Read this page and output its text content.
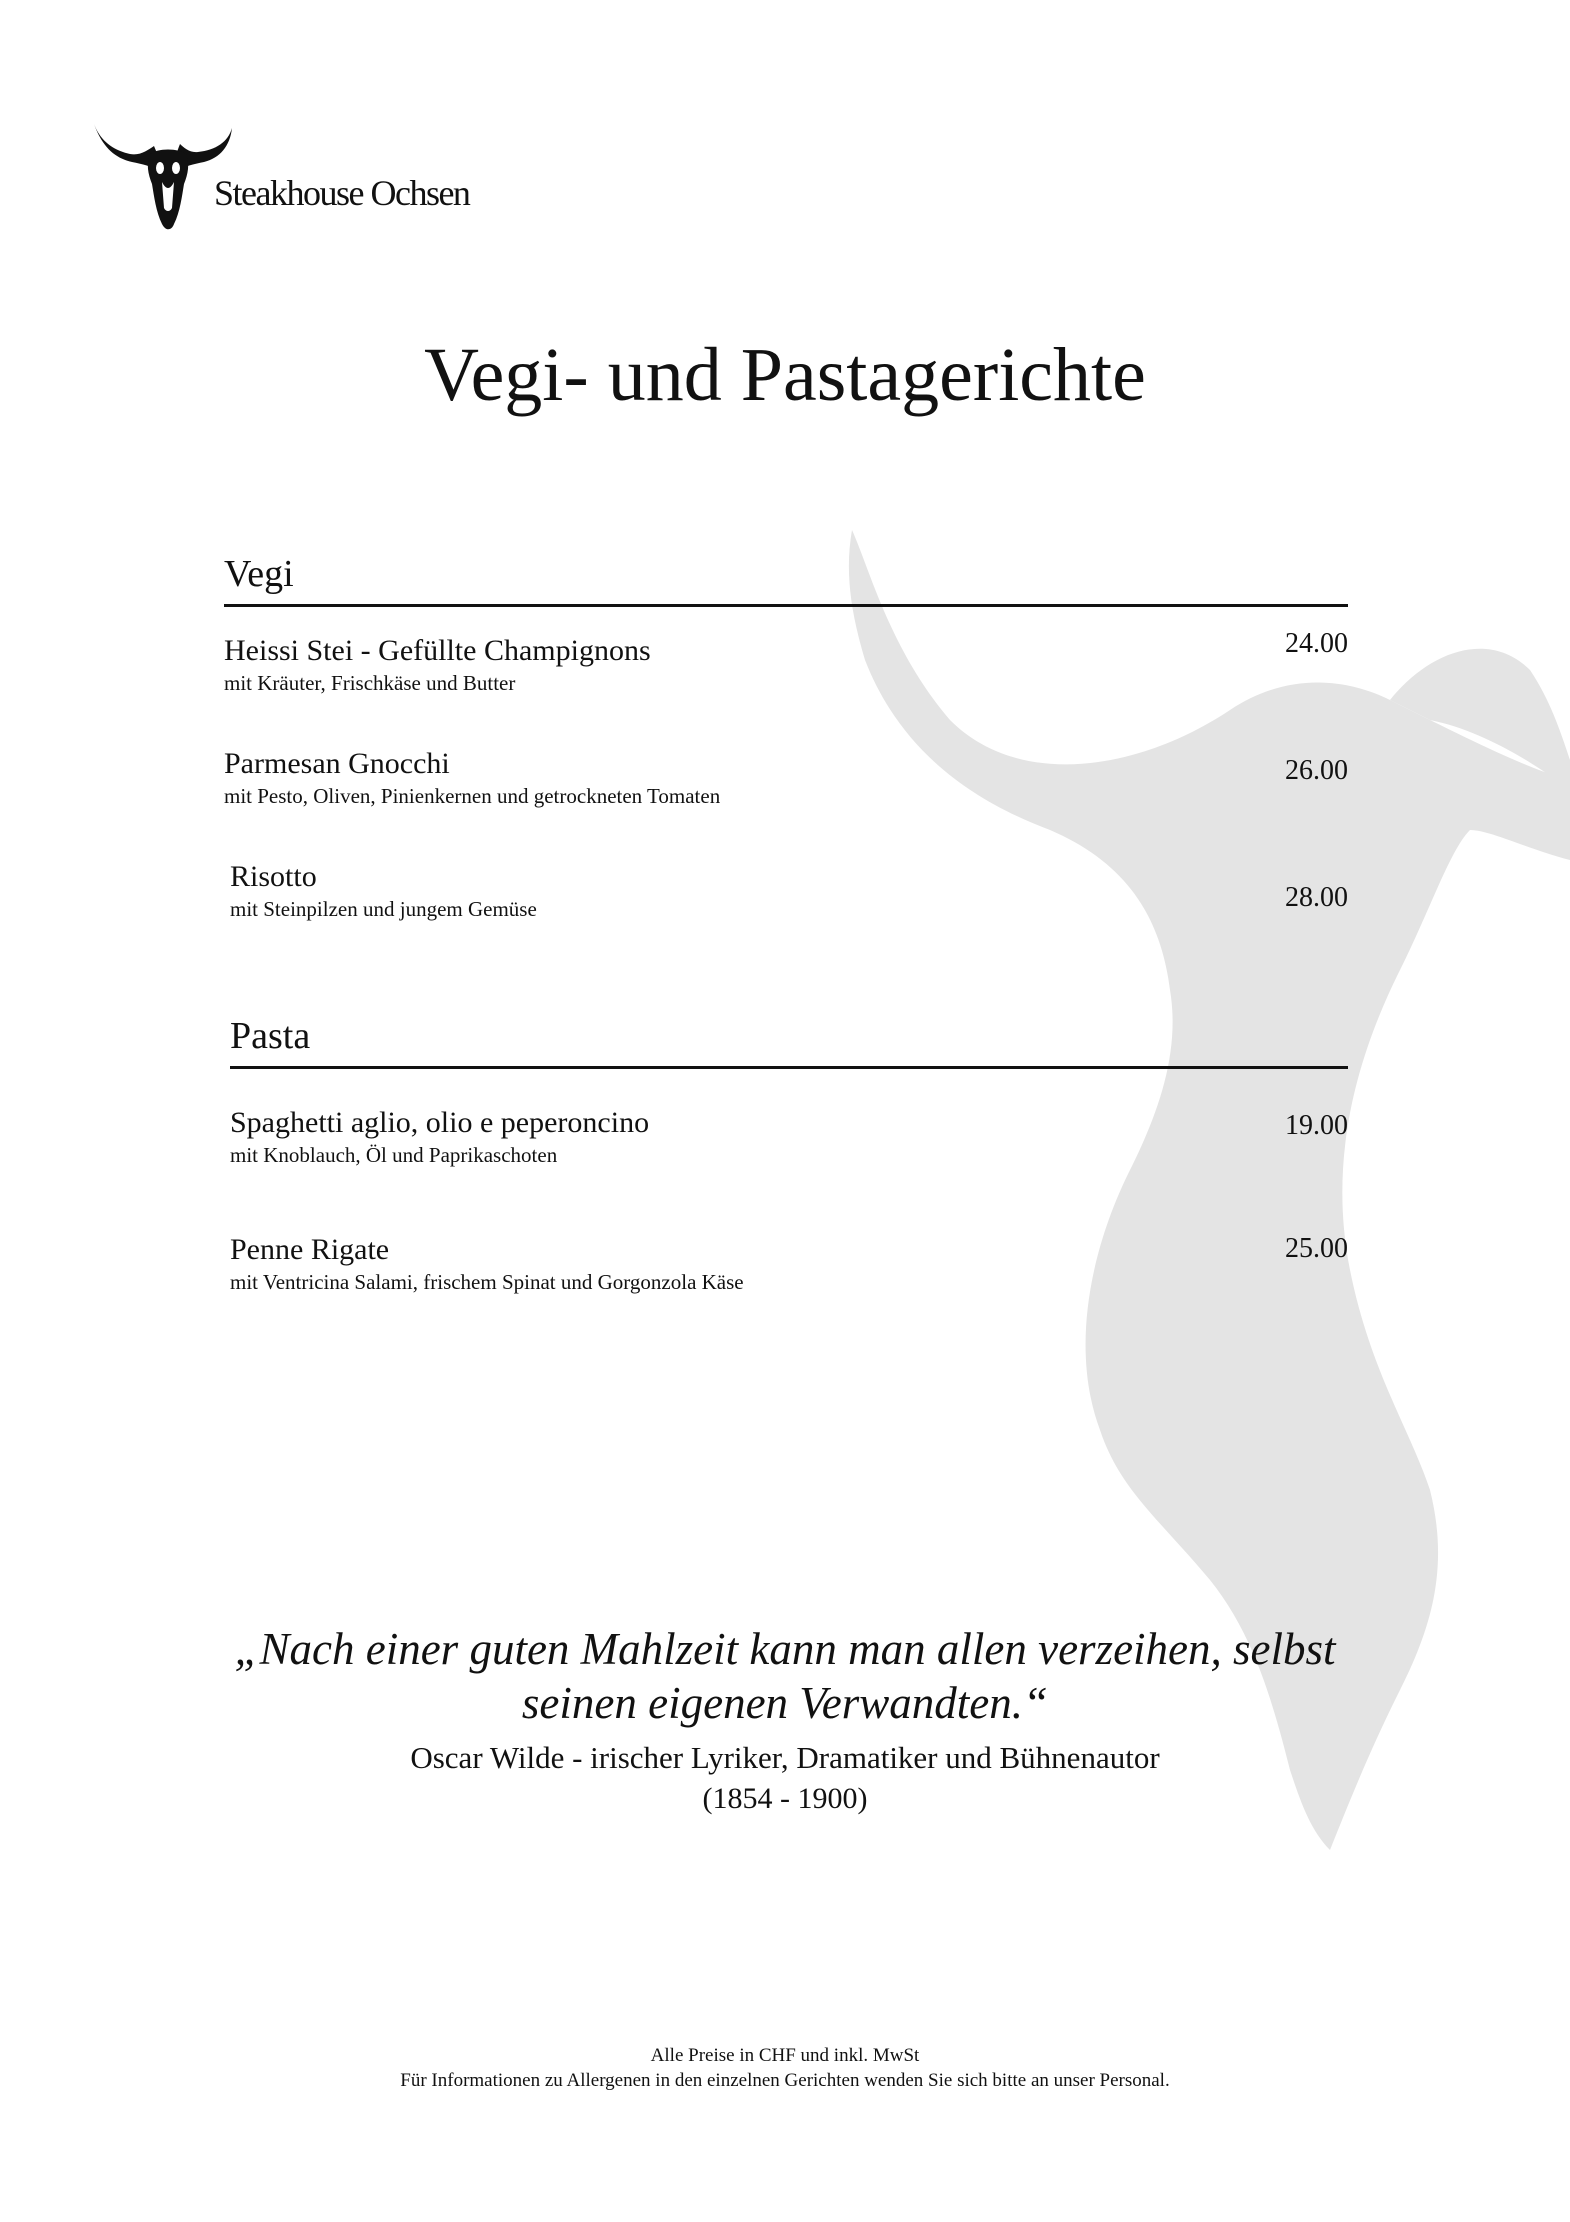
Steakhouse Ochsen
Vegi- und Pastagerichte
Vegi
Heissi Stei - Gefüllte Champignons
mit Kräuter, Frischkäse und Butter
24.00
Parmesan Gnocchi
mit Pesto, Oliven, Pinienkernen und getrockneten Tomaten
26.00
Risotto
mit Steinpilzen und jungem Gemüse	28.00
Pasta
Spaghetti aglio, olio e peperoncino
mit Knoblauch, Öl und Paprikaschoten
19.00
Penne Rigate
mit Ventricina Salami, frischem Spinat und Gorgonzola Käse
25.00
„Nach einer guten Mahlzeit kann man allen verzeihen, selbst seinen eigenen Verwandten.“
Oscar Wilde - irischer Lyriker, Dramatiker und Bühnenautor
(1854 - 1900)
Alle Preise in CHF und inkl. MwSt
Für Informationen zu Allergenen in den einzelnen Gerichten wenden Sie sich bitte an unser Personal.
